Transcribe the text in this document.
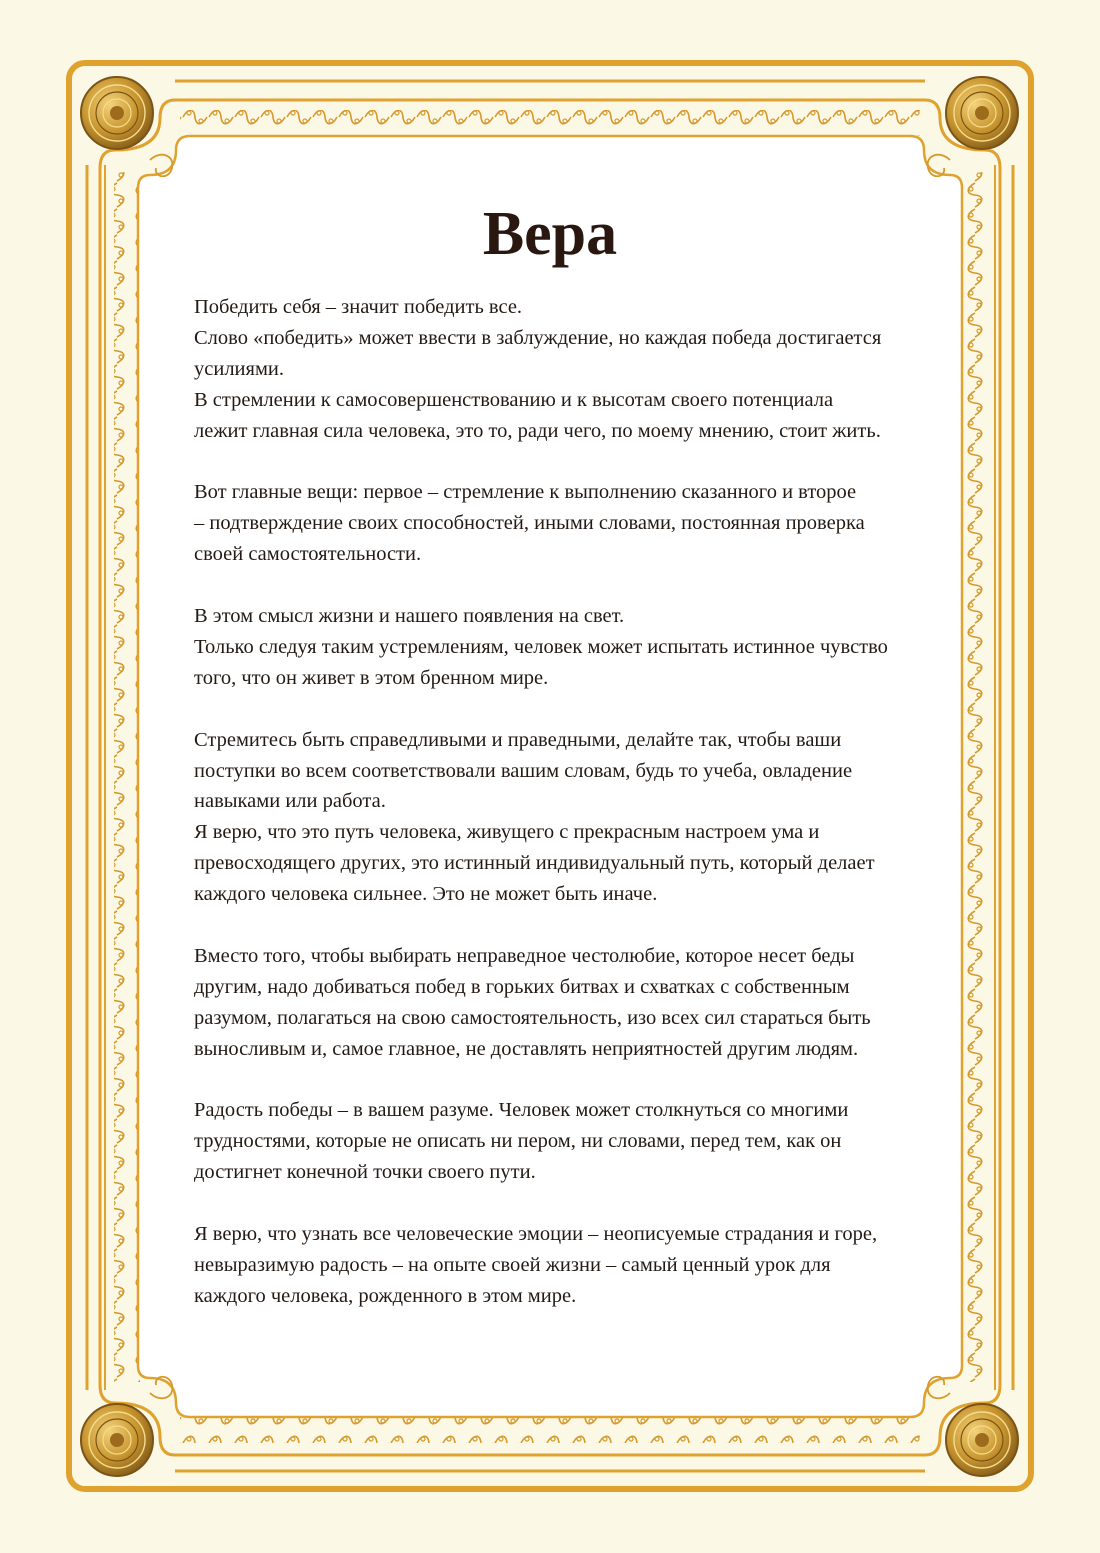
Вера

Победить себя – значит победить все.
Слово «победить» может ввести в заблуждение, но каждая победа достигается
усилиями.
В стремлении к самосовершенствованию и к высотам своего потенциала
лежит главная сила человека, это то, ради чего, по моему мнению, стоит жить.

Вот главные вещи: первое – стремление к выполнению сказанного и второе
– подтверждение своих способностей, иными словами, постоянная проверка
своей самостоятельности.

В этом смысл жизни и нашего появления на свет.
Только следуя таким устремлениям, человек может испытать истинное чувство
того, что он живет в этом бренном мире.

Стремитесь быть справедливыми и праведными, делайте так, чтобы ваши
поступки во всем соответствовали вашим словам, будь то учеба, овладение
навыками или работа.
Я верю, что это путь человека, живущего с прекрасным настроем ума и
превосходящего других, это истинный индивидуальный путь, который делает
каждого человека сильнее. Это не может быть иначе.

Вместо того, чтобы выбирать неправедное честолюбие, которое несет беды
другим, надо добиваться побед в горьких битвах и схватках с собственным
разумом, полагаться на свою самостоятельность, изо всех сил стараться быть
выносливым и, самое главное, не доставлять неприятностей другим людям.

Радость победы – в вашем разуме. Человек может столкнуться со многими
трудностями, которые не описать ни пером, ни словами, перед тем, как он
достигнет конечной точки своего пути.

Я верю, что узнать все человеческие эмоции – неописуемые страдания и горе,
невыразимую радость – на опыте своей жизни – самый ценный урок для
каждого человека, рожденного в этом мире.
